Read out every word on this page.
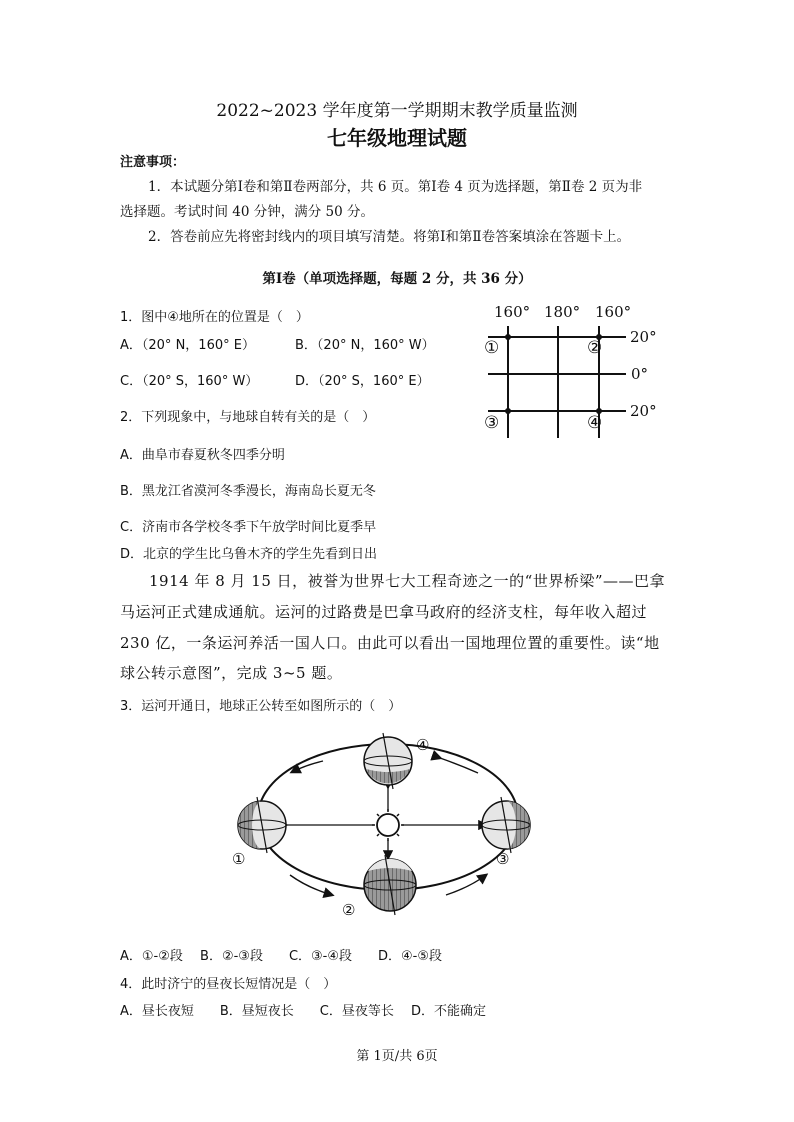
2022~2023 学年度第一学期期末教学质量监测
七年级地理试题
注意事项：
1．本试题分第Ⅰ卷和第Ⅱ卷两部分，共 6 页。第Ⅰ卷 4 页为选择题，第Ⅱ卷 2 页为非
选择题。考试时间 40 分钟，满分 50 分。
2．答卷前应先将密封线内的项目填写清楚。将第Ⅰ和第Ⅱ卷答案填涂在答题卡上。
第Ⅰ卷（单项选择题，每题 2 分，共 36 分）
1．图中④地所在的位置是（　）
A．（20° N，160° E）	B．（20° N，160° W）
C．（20° S，160° W）	D．（20° S，160° E）
160° 180° 160°
20°
0°
20°
①	②
③	④
2．下列现象中，与地球自转有关的是（　）
A．曲阜市春夏秋冬四季分明
B．黑龙江省漠河冬季漫长，海南岛长夏无冬
C．济南市各学校冬季下午放学时间比夏季早
D．北京的学生比乌鲁木齐的学生先看到日出
1914 年 8 月 15 日，被誉为世界七大工程奇迹之一的“世界桥梁”——巴拿
马运河正式建成通航。运河的过路费是巴拿马政府的经济支柱，每年收入超过
230 亿，一条运河养活一国人口。由此可以看出一国地理位置的重要性。读“地
球公转示意图”，完成 3~5 题。
3．运河开通日，地球正公转至如图所示的（　）
①
②
③
④
A．①-②段　 B．②-③段　　C．③-④段　　D．④-⑤段
4．此时济宁的昼夜长短情况是（　）
A．昼长夜短　　B．昼短夜长　　C．昼夜等长　 D．不能确定
第 1页/共 6页
